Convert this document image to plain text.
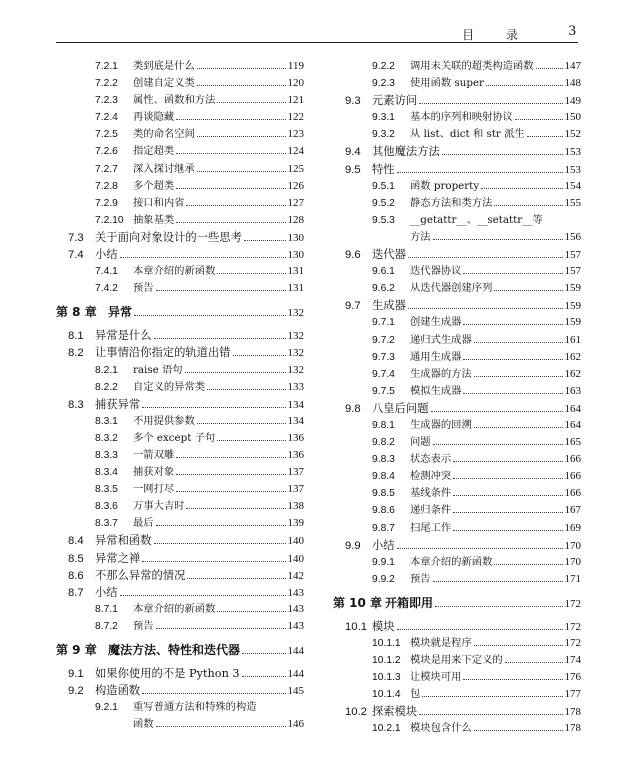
目 录 3
7.2.1	类到底是什么	119
7.2.2	创建自定义类	120
7.2.3	属性、函数和方法	121
7.2.4	再谈隐藏	122
7.2.5	类的命名空间	123
7.2.6	指定超类	124
7.2.7	深入探讨继承	125
7.2.8	多个超类	126
7.2.9	接口和内省	127
7.2.10 抽象基类	128
7.3 关于面向对象设计的一些思考	130
7.4 小结	130
7.4.1	本章介绍的新函数	131
7.4.2	预告	131
第 8 章 异常	132
8.1 异常是什么	132
8.2 让事情沿你指定的轨道出错	132
8.2.1	raise 语句	132
8.2.2	自定义的异常类	133
8.3 捕获异常	134
8.3.1	不用提供参数	134
8.3.2	多个 except 子句	136
8.3.3	一箭双雕	136
8.3.4	捕获对象	137
8.3.5	一网打尽	137
8.3.6	万事大吉时	138
8.3.7	最后	139
8.4 异常和函数	140
8.5 异常之禅	140
8.6 不那么异常的情况	142
8.7 小结	143
8.7.1	本章介绍的新函数	143
8.7.2	预告	143
第 9 章 魔法方法、特性和迭代器	144
9.1 如果你使用的不是 Python 3	144
9.2 构造函数	145
9.2.1 重写普通方法和特殊的构造
函数	146
9.2.2	调用未关联的超类构造函数	147
9.2.3	使用函数 super	148
9.3 元素访问	149
9.3.1	基本的序列和映射协议	150
9.3.2	从 list、dict 和 str 派生	152
9.4 其他魔法方法	153
9.5 特性	153
9.5.1	函数 property	154
9.5.2	静态方法和类方法	155
9.5.3 __getattr__、__setattr__等
方法	156
9.6 迭代器	157
9.6.1	迭代器协议	157
9.6.2	从迭代器创建序列	159
9.7 生成器	159
9.7.1	创建生成器	159
9.7.2	递归式生成器	161
9.7.3	通用生成器	162
9.7.4	生成器的方法	162
9.7.5	模拟生成器	163
9.8 八皇后问题	164
9.8.1	生成器的回溯	164
9.8.2	问题	165
9.8.3	状态表示	166
9.8.4	检测冲突	166
9.8.5	基线条件	166
9.8.6	递归条件	167
9.8.7	扫尾工作	169
9.9 小结	170
9.9.1	本章介绍的新函数	170
9.9.2	预告	171
第 10 章 开箱即用	172
10.1 模块	172
10.1.1 模块就是程序	172
10.1.2 模块是用来下定义的	174
10.1.3 让模块可用	176
10.1.4 包	177
10.2 探索模块	178
10.2.1 模块包含什么	178
